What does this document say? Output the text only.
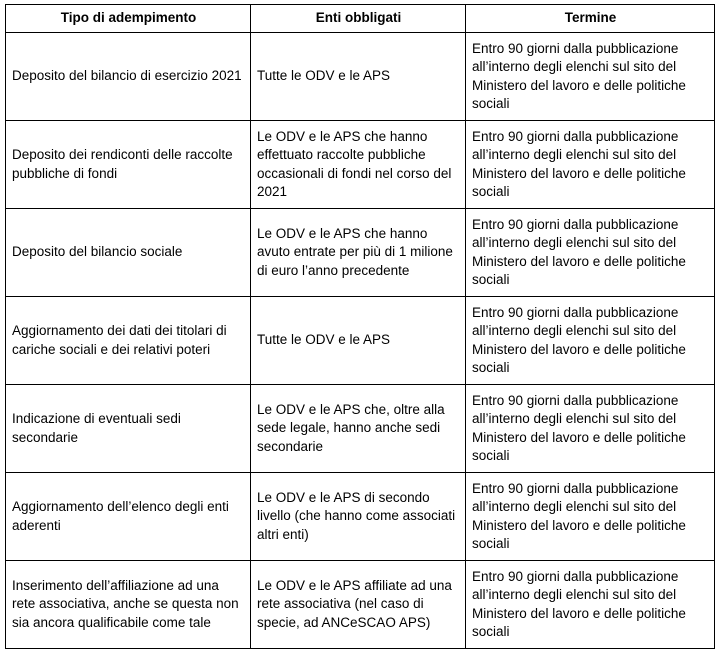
Tipo di adempimento	Enti obbligati	Termine

Deposito del bilancio di esercizio 2021	Tutte le ODV e le APS	Entro 90 giorni dalla pubblicazione all’interno degli elenchi sul sito del Ministero del lavoro e delle politiche sociali

Deposito dei rendiconti delle raccolte pubbliche di fondi	Le ODV e le APS che hanno effettuato raccolte pubbliche occasionali di fondi nel corso del 2021	Entro 90 giorni dalla pubblicazione all’interno degli elenchi sul sito del Ministero del lavoro e delle politiche sociali

Deposito del bilancio sociale	Le ODV e le APS che hanno avuto entrate per più di 1 milione di euro l’anno precedente	Entro 90 giorni dalla pubblicazione all’interno degli elenchi sul sito del Ministero del lavoro e delle politiche sociali

Aggiornamento dei dati dei titolari di cariche sociali e dei relativi poteri	Tutte le ODV e le APS	Entro 90 giorni dalla pubblicazione all’interno degli elenchi sul sito del Ministero del lavoro e delle politiche sociali

Indicazione di eventuali sedi secondarie	Le ODV e le APS che, oltre alla sede legale, hanno anche sedi secondarie	Entro 90 giorni dalla pubblicazione all’interno degli elenchi sul sito del Ministero del lavoro e delle politiche sociali

Aggiornamento dell’elenco degli enti aderenti	Le ODV e le APS di secondo livello (che hanno come associati altri enti)	Entro 90 giorni dalla pubblicazione all’interno degli elenchi sul sito del Ministero del lavoro e delle politiche sociali

Inserimento dell’affiliazione ad una rete associativa, anche se questa non sia ancora qualificabile come tale	Le ODV e le APS affiliate ad una rete associativa (nel caso di specie, ad ANCeSCAO APS)	Entro 90 giorni dalla pubblicazione all’interno degli elenchi sul sito del Ministero del lavoro e delle politiche sociali
